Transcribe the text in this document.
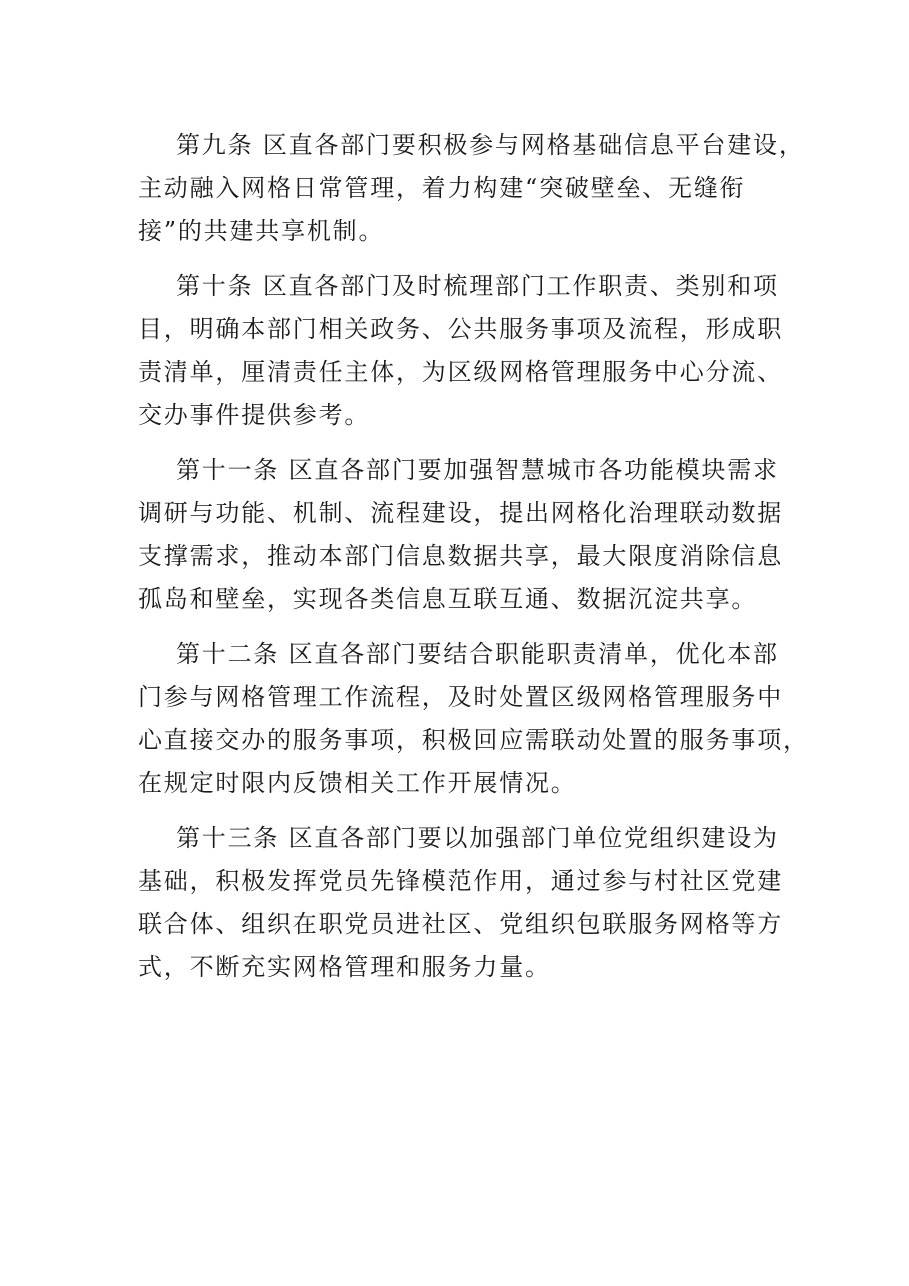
第九条 区直各部门要积极参与网格基础信息平台建设，
主动融入网格日常管理，着力构建“突破壁垒、无缝衔
接”的共建共享机制。
第十条 区直各部门及时梳理部门工作职责、类别和项
目，明确本部门相关政务、公共服务事项及流程，形成职
责清单，厘清责任主体，为区级网格管理服务中心分流、
交办事件提供参考。
第十一条 区直各部门要加强智慧城市各功能模块需求
调研与功能、机制、流程建设，提出网格化治理联动数据
支撑需求，推动本部门信息数据共享，最大限度消除信息
孤岛和壁垒，实现各类信息互联互通、数据沉淀共享。
第十二条 区直各部门要结合职能职责清单，优化本部
门参与网格管理工作流程，及时处置区级网格管理服务中
心直接交办的服务事项，积极回应需联动处置的服务事项，
在规定时限内反馈相关工作开展情况。
第十三条 区直各部门要以加强部门单位党组织建设为
基础，积极发挥党员先锋模范作用，通过参与村社区党建
联合体、组织在职党员进社区、党组织包联服务网格等方
式，不断充实网格管理和服务力量。
